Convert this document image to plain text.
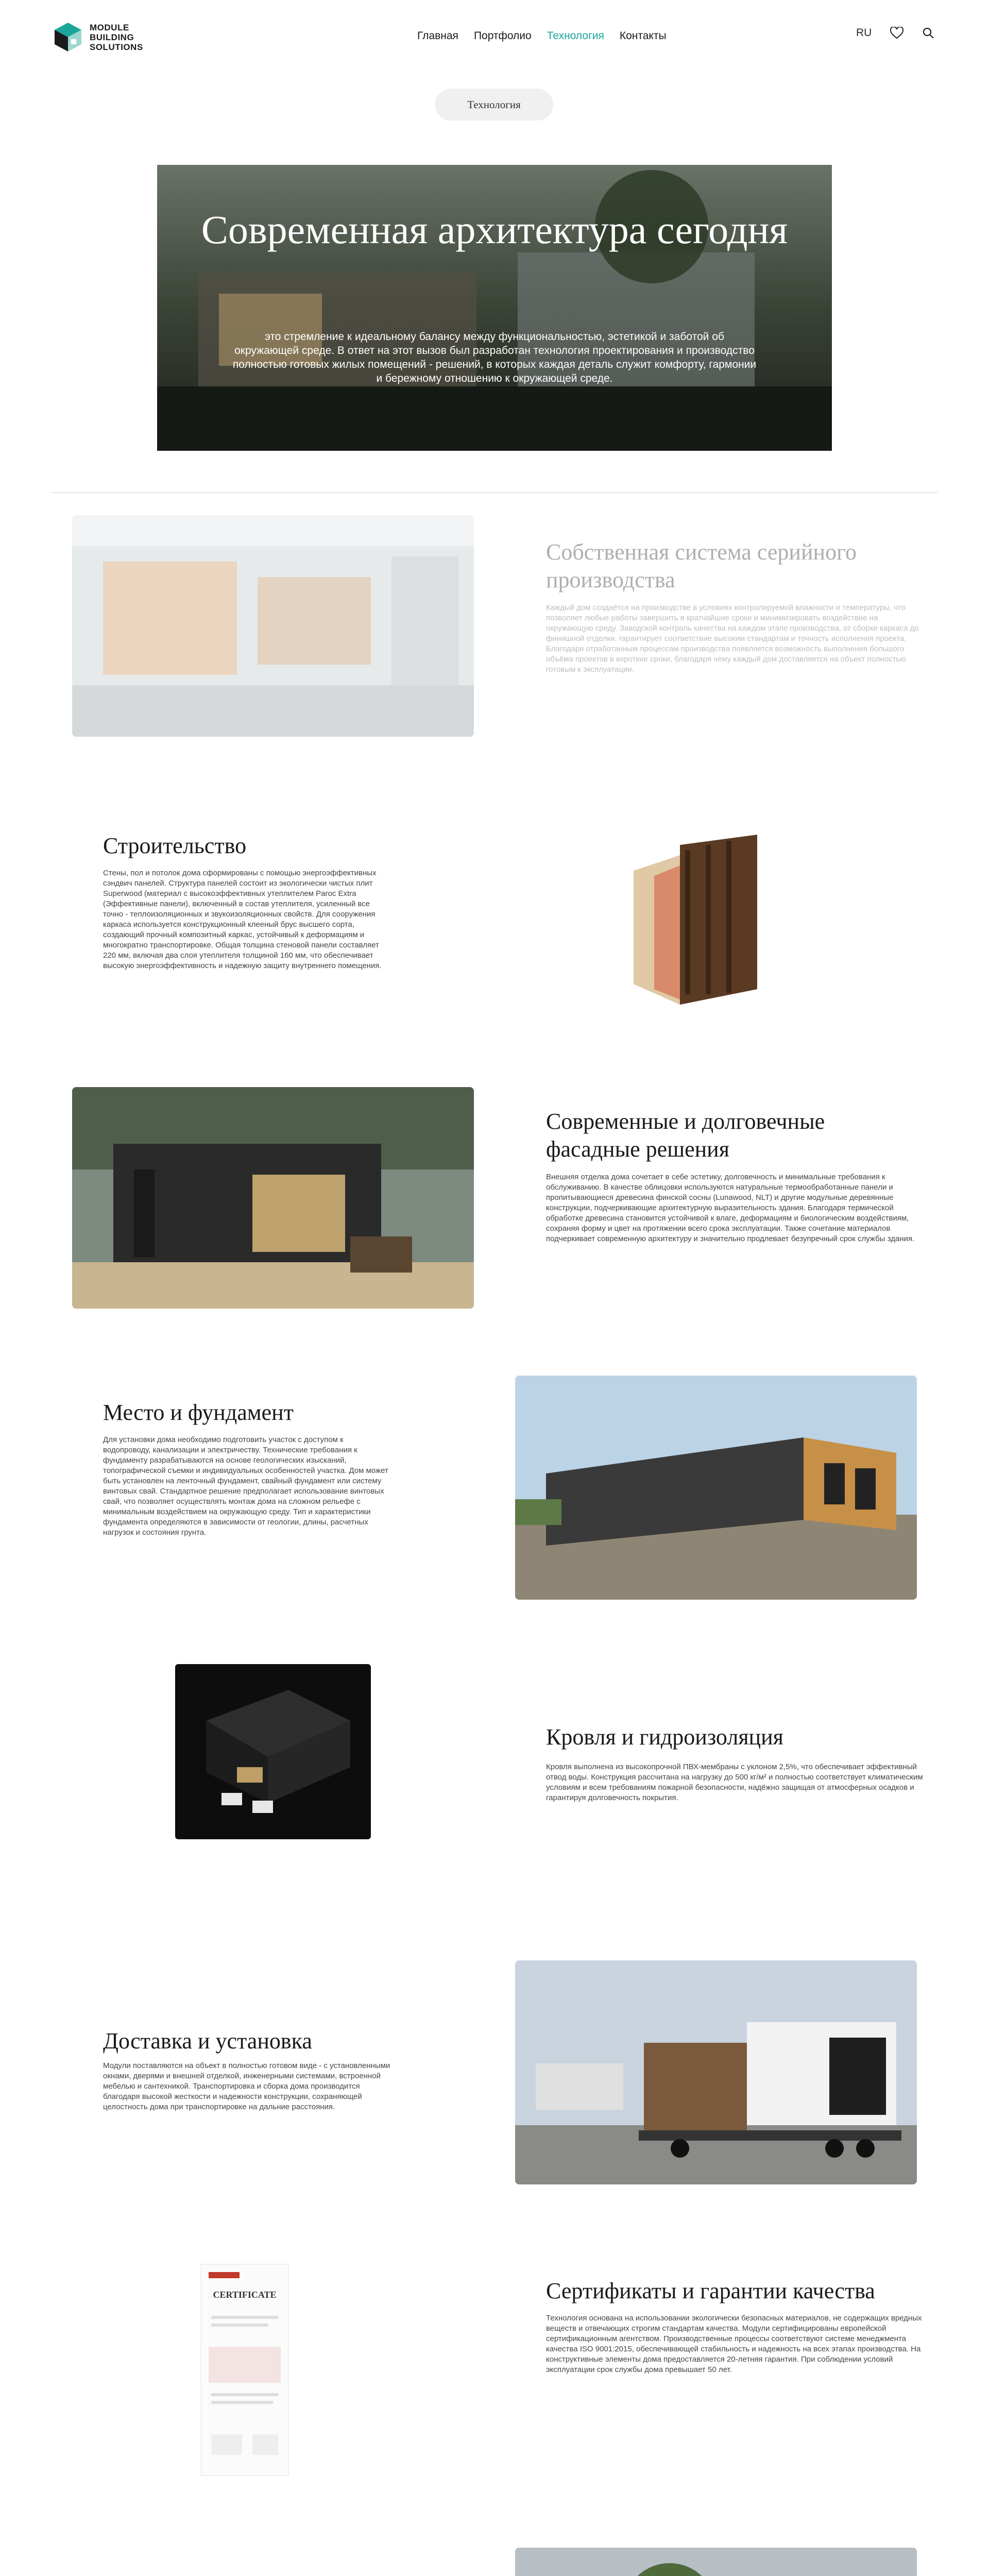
MODULE
BUILDING
SOLUTIONS
Главная Портфолио Технология Контакты	RU
Технология
Современная архитектура сегодня

это стремление к идеальному балансу между функциональностью, эстетикой и заботой об окружающей среде. В ответ на этот вызов был разработан технология проектирования и производство полностью готовых жилых помещений - решений, в которых каждая деталь служит комфорту, гармонии и бережному отношению к окружающей среде.

Собственная система серийного производства

Каждый дом создаётся на производстве в условиях контролируемой влажности и температуры, что позволяет любые работы завершить в кратчайшие сроки и минимизировать воздействие на окружающую среду. Заводской контроль качества на каждом этапе производства, от сборки каркаса до финишной отделки, гарантирует соответствие высоким стандартам и точность исполнения проекта. Благодаря отработанным процессам производства появляется возможность выполнения большого объёма проектов в короткие сроки, благодаря чему каждый дом доставляется на объект полностью готовым к эксплуатации.

Строительство

Стены, пол и потолок дома сформированы с помощью энергоэффективных сэндвич панелей. Структура панелей состоит из экологически чистых плит Superwood (материал с высокоэффективных утеплителем Paroc Extra (Эффективные панели), включенный в состав утеплителя, усиленный все точно - теплоизоляционных и звукоизоляционных свойств. Для сооружения каркаса используется конструкционный клееный брус высшего сорта, создающий прочный композитный каркас, устойчивый к деформациям и многократно транспортировке. Общая толщина стеновой панели составляет 220 мм, включая два слоя утеплителя толщиной 160 мм, что обеспечивает высокую энергоэффективность и надежную защиту внутреннего помещения.

Современные и долговечные фасадные решения

Внешняя отделка дома сочетает в себе эстетику, долговечность и минимальные требования к обслуживанию. В качестве облицовки используются натуральные термообработанные панели и пропитывающиеся древесина финской сосны (Lunawood, NLT) и другие модульные деревянные конструкции, подчеркивающие архитектурную выразительность здания. Благодаря термической обработке древесина становится устойчивой к влаге, деформациям и биологическим воздействиям, сохраняя форму и цвет на протяжении всего срока эксплуатации. Также сочетание материалов подчеркивает современную архитектуру и значительно продлевает безупречный срок службы здания.

Место и фундамент

Для установки дома необходимо подготовить участок с доступом к водопроводу, канализации и электричеству. Технические требования к фундаменту разрабатываются на основе геологических изысканий, топографической съемки и индивидуальных особенностей участка. Дом может быть установлен на ленточный фундамент, свайный фундамент или систему винтовых свай. Стандартное решение предполагает использование винтовых свай, что позволяет осуществлять монтаж дома на сложном рельефе с минимальным воздействием на окружающую среду. Тип и характеристики фундамента определяются в зависимости от геологии, длины, расчетных нагрузок и состояния грунта.

Кровля и гидроизоляция

Кровля выполнена из высокопрочной ПВХ-мембраны с уклоном 2,5%, что обеспечивает эффективный отвод воды. Конструкция рассчитана на нагрузку до 500 кг/м² и полностью соответствует климатическим условиям и всем требованиям пожарной безопасности, надёжно защищая от атмосферных осадков и гарантируя долговечность покрытия.

Доставка и установка

Модули поставляются на объект в полностью готовом виде - с установленными окнами, дверями и внешней отделкой, инженерными системами, встроенной мебелью и сантехникой. Транспортировка и сборка дома производится благодаря высокой жесткости и надежности конструкции, сохраняющей целостность дома при транспортировке на дальние расстояния.

CERTIFICATE	Сертификаты и гарантии качества

Технология основана на использовании экологически безопасных материалов, не содержащих вредных веществ и отвечающих строгим стандартам качества. Модули сертифицированы европейской сертификационным агентством. Производственные процессы соответствуют системе менеджмента качества ISO 9001:2015, обеспечивающей стабильность и надежность на всех этапах производства. На конструктивные элементы дома предоставляется 20-летняя гарантия. При соблюдении условий эксплуатации срок службы дома превышает 50 лет.
